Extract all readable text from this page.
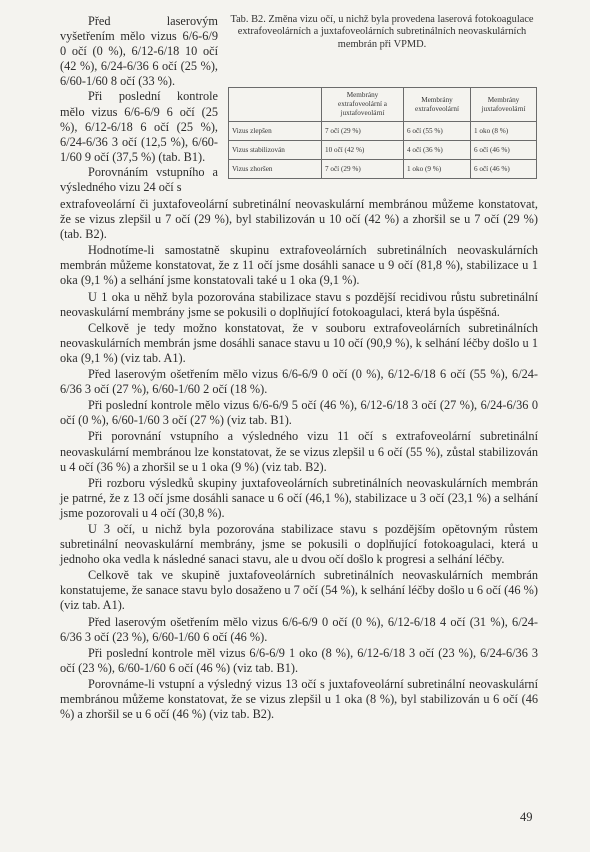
Před laserovým vyšetřením mělo vizus 6/6-6/9 0 očí (0 %), 6/12-6/18 10 očí (42 %), 6/24-6/36 6 očí (25 %), 6/60-1/60 8 očí (33 %).

Při poslední kontrole mělo vizus 6/6-6/9 6 očí (25 %), 6/12-6/18 6 očí (25 %), 6/24-6/36 3 očí (12,5 %), 6/60-1/60 9 očí (37,5 %) (tab. B1).

Porovnáním vstupního a výsledného vizu 24 očí s

Tab. B2. Změna vizu očí, u nichž byla provedena laserová fotokoagulace extrafoveolárních a juxtafoveolárních subretinálních neovaskulárních membrán při VPMD.
	Membrány extrafoveolární a juxtafoveolární	Membrány extrafoveolární	Membrány juxtafoveolární
Vizus zlepšen	7 očí (29 %)	6 očí (55 %)	1 oko (8 %)
Vizus stabilizován	10 očí (42 %)	4 očí (36 %)	6 očí (46 %)
Vizus zhoršen	7 očí (29 %)	1 oko (9 %)	6 očí (46 %)

extrafoveolární či juxtafoveolární subretinální neovaskulární membránou můžeme konstatovat, že se vizus zlepšil u 7 očí (29 %), byl stabilizován u 10 očí (42 %) a zhoršil se u 7 očí (29 %) (tab. B2).

Hodnotíme-li samostatně skupinu extrafoveolárních subretinálních neovaskulárních membrán můžeme konstatovat, že z 11 očí jsme dosáhli sanace u 9 očí (81,8 %), stabilizace u 1 oka (9,1 %) a selhání jsme konstatovali také u 1 oka (9,1 %).

U 1 oka u něhž byla pozorována stabilizace stavu s pozdější recidivou růstu subretinální neovaskulární membrány jsme se pokusili o doplňující fotokoagulaci, která byla úspěšná.

Celkově je tedy možno konstatovat, že v souboru extrafoveolárních subretinálních neovaskulárních membrán jsme dosáhli sanace stavu u 10 očí (90,9 %), k selhání léčby došlo u 1 oka (9,1 %) (viz tab. A1).

Před laserovým ošetřením mělo vizus 6/6-6/9 0 očí (0 %), 6/12-6/18 6 očí (55 %), 6/24-6/36 3 očí (27 %), 6/60-1/60 2 očí (18 %).

Při poslední kontrole mělo vizus 6/6-6/9 5 očí (46 %), 6/12-6/18 3 očí (27 %), 6/24-6/36 0 očí (0 %), 6/60-1/60 3 očí (27 %) (viz tab. B1).

Při porovnání vstupního a výsledného vizu 11 očí s extrafoveolární subretinální neovaskulární membránou lze konstatovat, že se vizus zlepšil u 6 očí (55 %), zůstal stabilizován u 4 očí (36 %) a zhoršil se u 1 oka (9 %) (viz tab. B2).

Při rozboru výsledků skupiny juxtafoveolárních subretinálních neovaskulárních membrán je patrné, že z 13 očí jsme dosáhli sanace u 6 očí (46,1 %), stabilizace u 3 očí (23,1 %) a selhání jsme pozorovali u 4 očí (30,8 %).

U 3 očí, u nichž byla pozorována stabilizace stavu s pozdějším opětovným růstem subretinální neovaskulární membrány, jsme se pokusili o doplňující fotokoagulaci, která u jednoho oka vedla k následné sanaci stavu, ale u dvou očí došlo k progresi a selhání léčby.

Celkově tak ve skupině juxtafoveolárních subretinálních neovaskulárních membrán konstatujeme, že sanace stavu bylo dosaženo u 7 očí (54 %), k selhání léčby došlo u 6 očí (46 %) (viz tab. A1).

Před laserovým ošetřením mělo vizus 6/6-6/9 0 očí (0 %), 6/12-6/18 4 očí (31 %), 6/24-6/36 3 očí (23 %), 6/60-1/60 6 očí (46 %).

Při poslední kontrole měl vizus 6/6-6/9 1 oko (8 %), 6/12-6/18 3 očí (23 %), 6/24-6/36 3 očí (23 %), 6/60-1/60 6 očí (46 %) (viz tab. B1).

Porovnáme-li vstupní a výsledný vizus 13 očí s juxtafoveolární subretinální neovaskulární membránou můžeme konstatovat, že se vizus zlepšil u 1 oka (8 %), byl stabilizován u 6 očí (46 %) a zhoršil se u 6 očí (46 %) (viz tab. B2).

49
